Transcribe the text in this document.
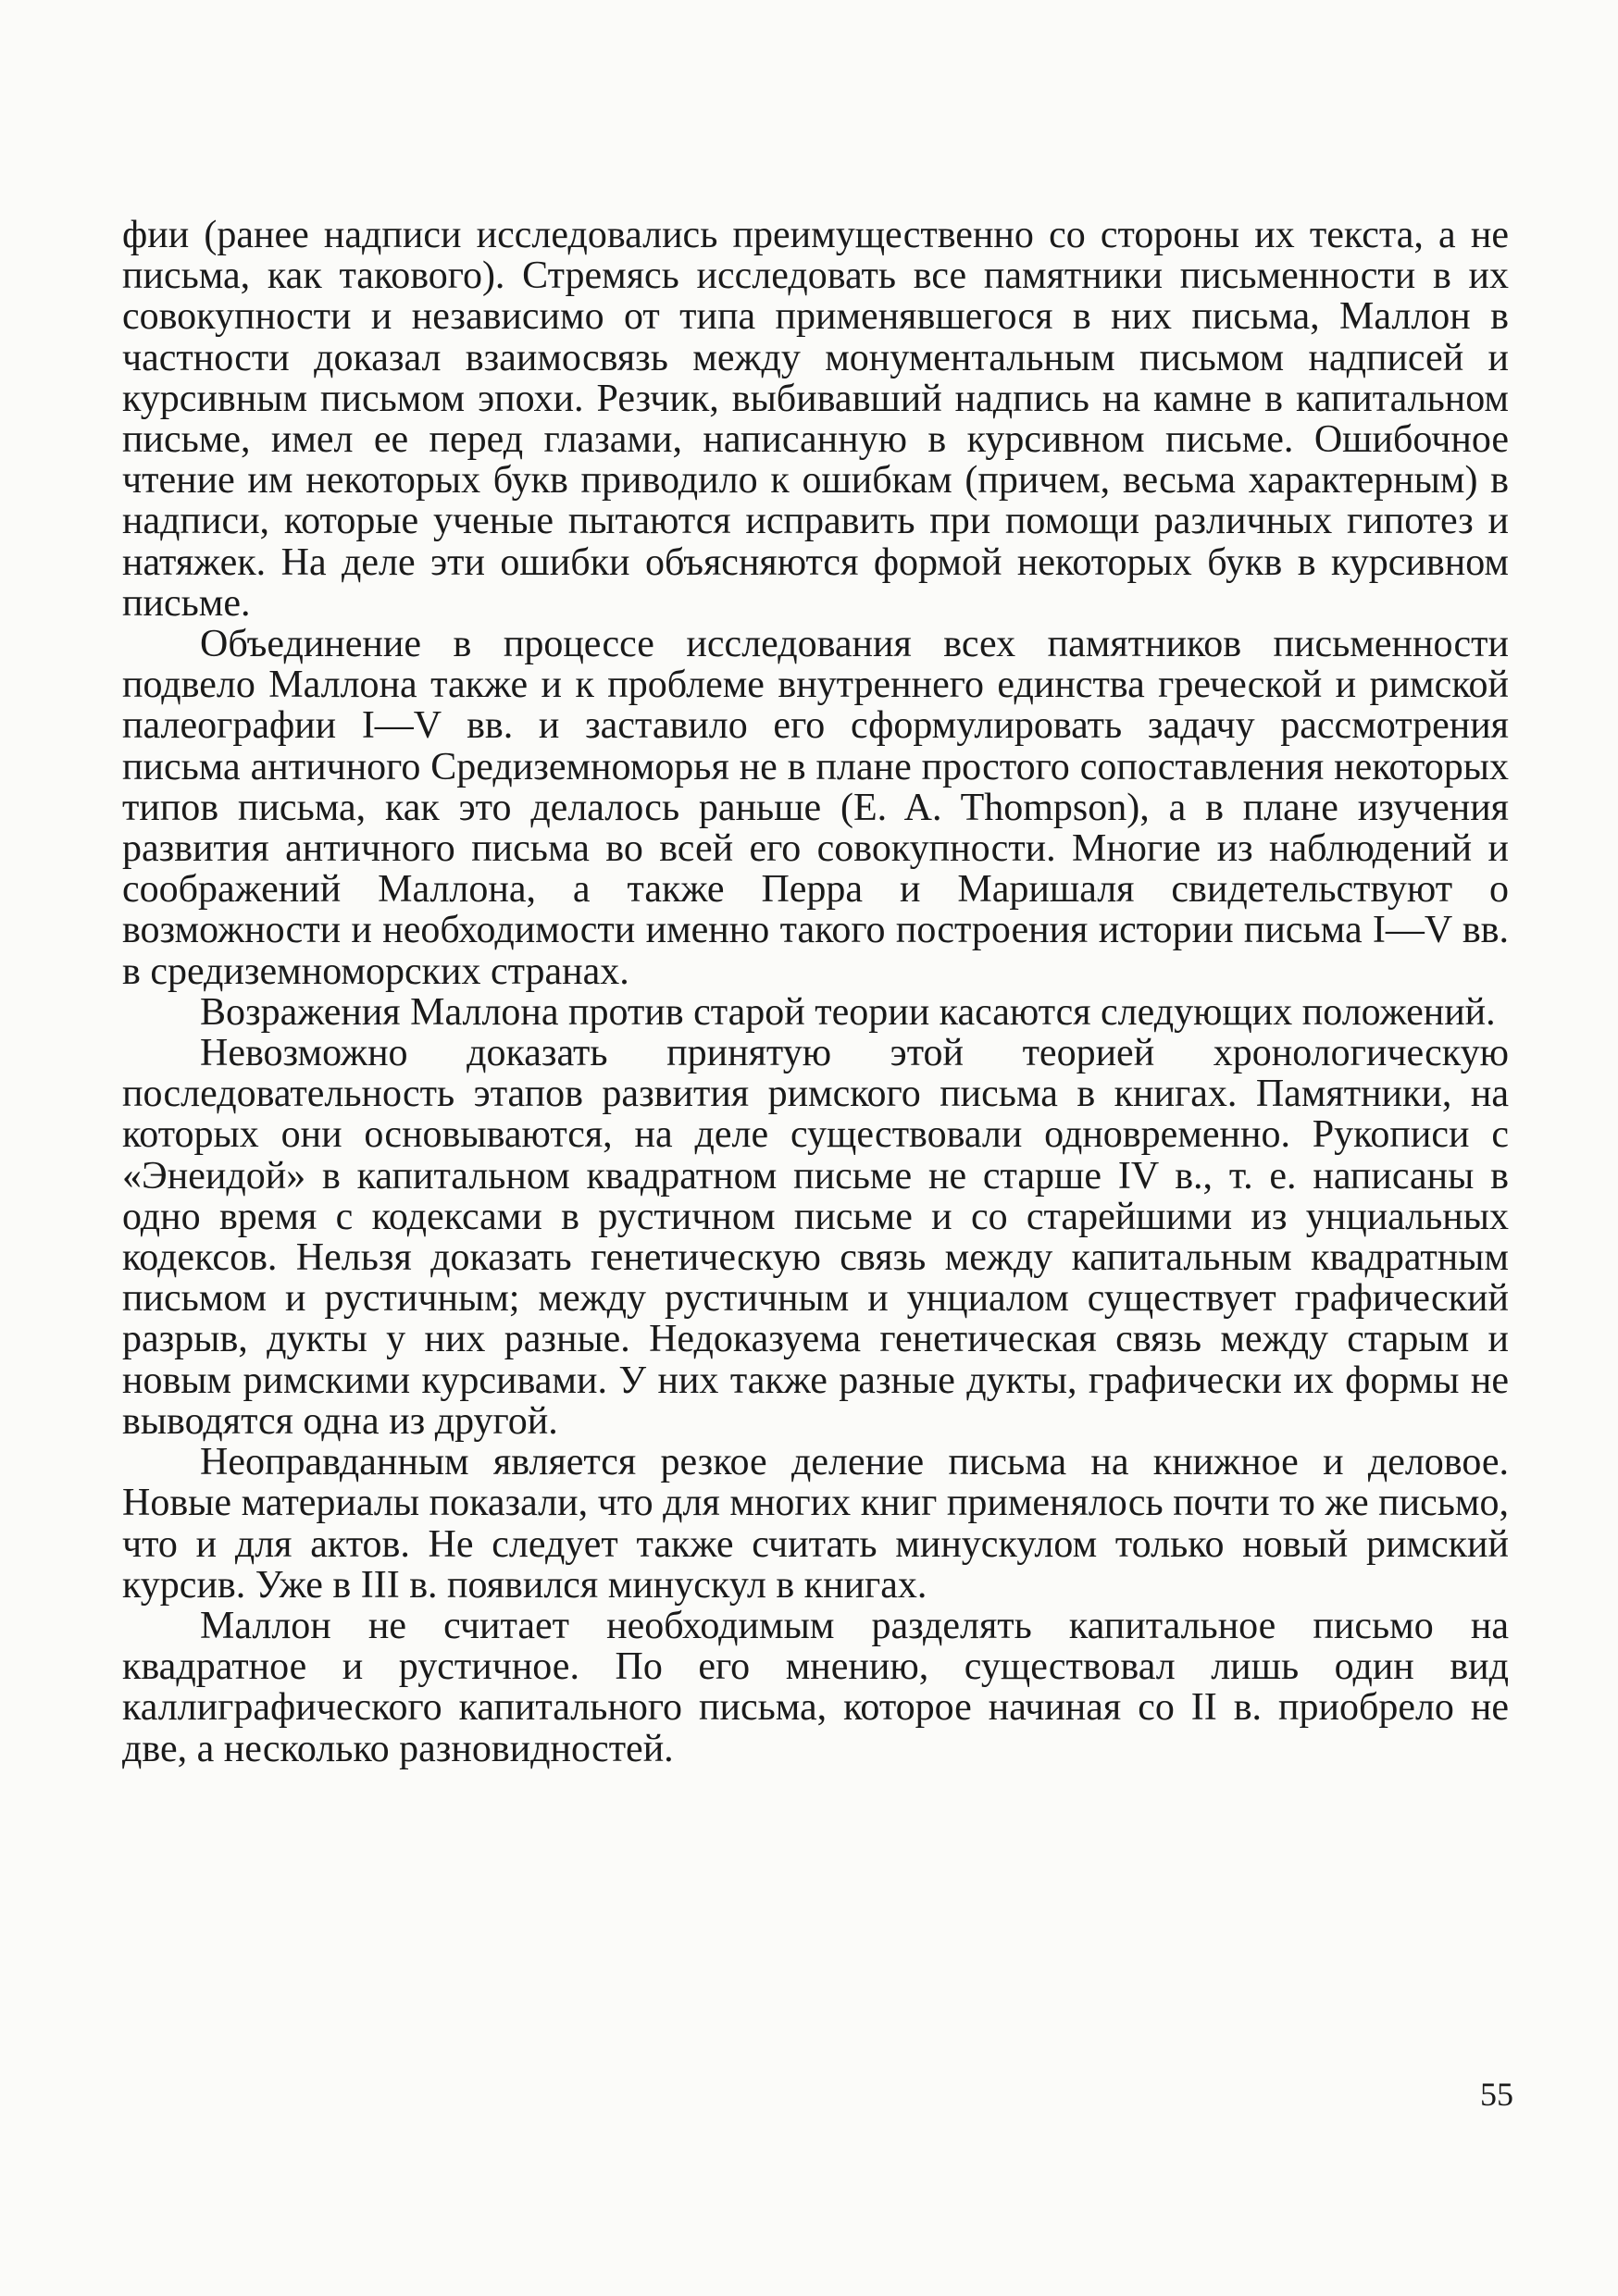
фии (ранее надписи исследовались преимущественно со стороны их текста, а не письма, как такового). Стремясь исследовать все памятники письменности в их совокупности и независимо от типа применявшегося в них письма, Маллон в частности доказал взаимосвязь между монументальным письмом надписей и курсивным письмом эпохи. Резчик, выбивавший надпись на камне в капитальном письме, имел ее перед глазами, написанную в курсивном письме. Ошибочное чтение им некоторых букв приводило к ошибкам (причем, весьма характерным) в надписи, которые ученые пытаются исправить при помощи различных гипотез и натяжек. На деле эти ошибки объясняются формой некоторых букв в курсивном письме.

Объединение в процессе исследования всех памятников письменности подвело Маллона также и к проблеме внутреннего единства греческой и римской палеографии I—V вв. и заставило его сформулировать задачу рассмотрения письма античного Средиземноморья не в плане простого сопоставления некоторых типов письма, как это делалось раньше (E. A. Thompson), а в плане изучения развития античного письма во всей его совокупности. Многие из наблюдений и соображений Маллона, а также Перра и Маришаля свидетельствуют о возможности и необходимости именно такого построения истории письма I—V вв. в средиземноморских странах.

Возражения Маллона против старой теории касаются следующих положений.

Невозможно доказать принятую этой теорией хронологическую последовательность этапов развития римского письма в книгах. Памятники, на которых они основываются, на деле существовали одновременно. Рукописи с «Энеидой» в капитальном квадратном письме не старше IV в., т. е. написаны в одно время с кодексами в рустичном письме и со старейшими из унциальных кодексов. Нельзя доказать генетическую связь между капитальным квадратным письмом и рустичным; между рустичным и унциалом существует графический разрыв, дукты у них разные. Недоказуема генетическая связь между старым и новым римскими курсивами. У них также разные дукты, графически их формы не выводятся одна из другой.

Неоправданным является резкое деление письма на книжное и деловое. Новые материалы показали, что для многих книг применялось почти то же письмо, что и для актов. Не следует также считать минускулом только новый римский курсив. Уже в III в. появился минускул в книгах.

Маллон не считает необходимым разделять капитальное письмо на квадратное и рустичное. По его мнению, существовал лишь один вид каллиграфического капитального письма, которое начиная со II в. приобрело не две, а несколько разновидностей.

55
